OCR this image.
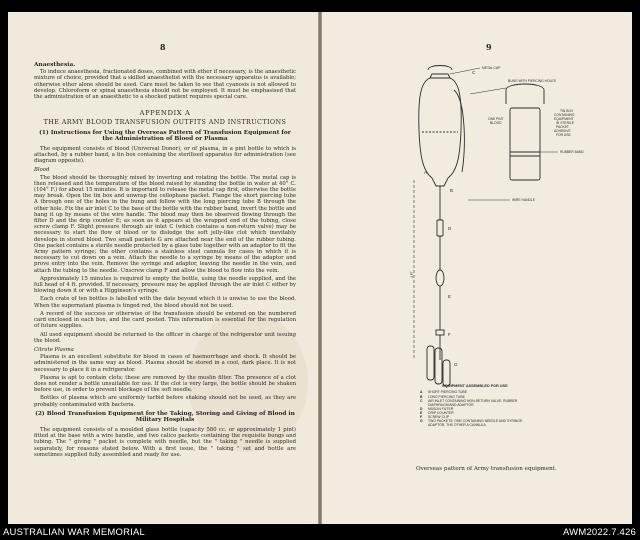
8
Anaesthesia.

To induce anaesthesia, fractionated doses, combined with ether if necessary, is the anaesthetic mixture of choice, provided that a skilled anaesthetist with the necessary apparatus is available; otherwise ether alone should be used. Care must be taken to see that cyanosis is not allowed to develop. Chloroform or spinal anaesthesia should not be employed. It must be emphasised that the administration of an anaesthetic to a shocked patient requires special care.

APPENDIX A
THE ARMY BLOOD TRANSFUSION OUTFITS AND INSTRUCTIONS
(1) Instructions for Using the Overseas Pattern of Transfusion Equipment for the Administration of Blood or Plasma

The equipment consists of blood (Universal Donor), or of plasma, in a pint bottle to which is attached, by a rubber band, a tin box containing the sterilised apparatus for administration (see diagram opposite).

Blood

The blood should be thoroughly mixed by inverting and rotating the bottle. The metal cap is then released and the temperature of the blood raised by standing the bottle in water at 40° C. (104° F.) for about 15 minutes. It is important to release the metal cap first, otherwise the bottle may break. Open the tin box and unwrap the cellophane packet. Flange the short piercing tube A through one of the holes in the bung and follow with the long piercing tube B through the other hole. Fix the air inlet C to the base of the bottle with the rubber band, invert the bottle and hang it up by means of the wire handle. The blood may then be observed flowing through the filter D and the drip counter E; as soon as it appears at the wrapped end of the tubing, close screw clamp F. Slight pressure through air inlet C (which contains a non-return valve) may be necessary to start the flow of blood or to dislodge the soft jelly-like clot which inevitably develops in stored blood. Two small packets G are attached near the end of the rubber tubing. One packet contains a sterile needle protected by a glass tube together with an adaptor to fit the Army pattern syringe; the other contains a stainless steel cannula for cases in which it is necessary to cut down on a vein. Attach the needle to a syringe by means of the adaptor and prove entry into the vein. Remove the syringe and adaptor, leaving the needle in the vein, and attach the tubing to the needle. Unscrew clamp F and allow the blood to flow into the vein.

Approximately 15 minutes is required to empty the bottle, using the needle supplied, and the full head of 4 ft. provided. If necessary, pressure may be applied through the air inlet C either by blowing down it or with a Higginson's syringe.

Each crate of ten bottles is labelled with the date beyond which it is unwise to use the blood. When the supernatant plasma is tinged red, the blood should not be used.

A record of the success or otherwise of the transfusion should be entered on the numbered card enclosed in each box, and the card posted. This information is essential for the regulation of future supplies.

All used equipment should be returned to the officer in charge of the refrigerator unit issuing the blood.

Citrate Plasma

Plasma is an excellent substitute for blood in cases of haemorrhage and shock. It should be administered in the same way as blood. Plasma should be stored in a cool, dark place. It is not necessary to place it in a refrigerator.

Plasma is apt to contain clots; these are removed by the muslin filter. The presence of a clot does not render a bottle unsuitable for use. If the clot is very large, the bottle should be shaken before use, in order to prevent blockage of the soft needle.

Bottles of plasma which are uniformly turbid before shaking should not be used, as they are probably contaminated with bacteria.

(2) Blood Transfusion Equipment for the Taking, Storing and Giving of Blood in Military Hospitals

The equipment consists of a moulded glass bottle (capacity 580 cc. or approximately 1 pint) fitted at the base with a wire handle, and two calico packets containing the requisite bungs and tubing. The " giving " packet is complete with needle, but the " taking " needle is supplied separately, for reasons stated below. With a first issue, the " taking " set and bottle are sometimes supplied fully assembled and ready for use.

9
METAL CAP
BUNG WITH PIERCING HOLES
TIN BOX CONTAINING EQUIPMENT IN STERILE PACKET. ADHESIVE FOR USE.
ONE PINT BLOOD
RUBBER BAND
WIRE HANDLE
4 FT
A
B
C
D
E
F
G
EQUIPMENT ASSEMBLED FOR USE
A	SHORT PIERCING TUBE
B	LONG PIERCING TUBE
C	AIR INLET CONTAINING NON-RETURN VALVE. RUBBER DIAPHRAGM AND ADAPTOR
D	MUSLIN FILTER
E	DRIP COUNTER
F	SCREW CLIP
G	TWO PACKETS: ONE CONTAINING NEEDLE AND SYRINGE ADAPTOR, THE OTHER A CANNULA
Overseas pattern of Army transfusion equipment.
AUSTRALIAN WAR MEMORIAL	AWM2022.7.426
